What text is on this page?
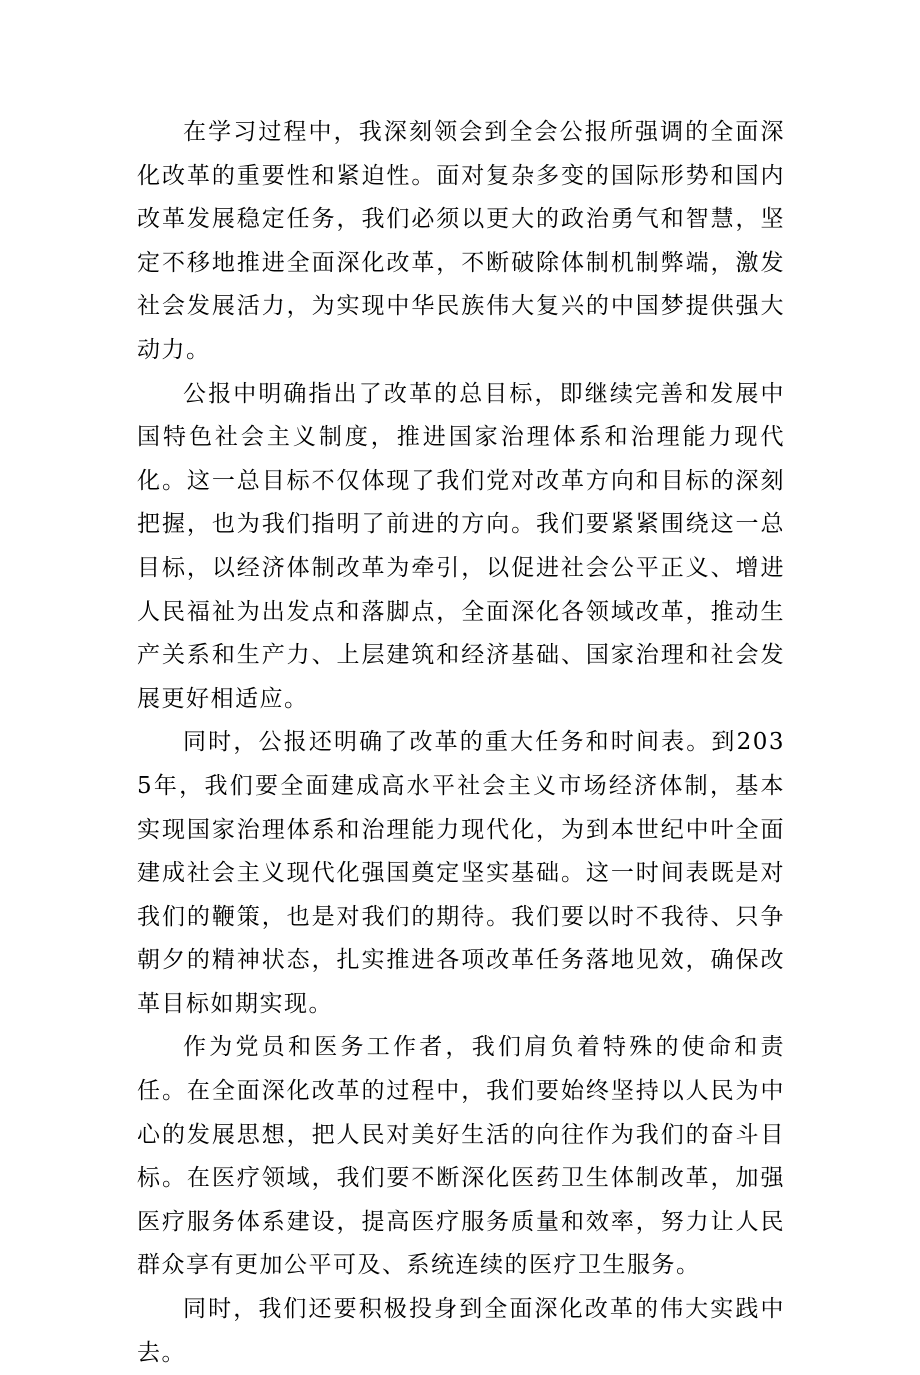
在学习过程中，我深刻领会到全会公报所强调的全面深化改革的重要性和紧迫性。面对复杂多变的国际形势和国内改革发展稳定任务，我们必须以更大的政治勇气和智慧，坚定不移地推进全面深化改革，不断破除体制机制弊端，激发社会发展活力，为实现中华民族伟大复兴的中国梦提供强大动力。

公报中明确指出了改革的总目标，即继续完善和发展中国特色社会主义制度，推进国家治理体系和治理能力现代化。这一总目标不仅体现了我们党对改革方向和目标的深刻把握，也为我们指明了前进的方向。我们要紧紧围绕这一总目标，以经济体制改革为牵引，以促进社会公平正义、增进人民福祉为出发点和落脚点，全面深化各领域改革，推动生产关系和生产力、上层建筑和经济基础、国家治理和社会发展更好相适应。

同时，公报还明确了改革的重大任务和时间表。到2035年，我们要全面建成高水平社会主义市场经济体制，基本实现国家治理体系和治理能力现代化，为到本世纪中叶全面建成社会主义现代化强国奠定坚实基础。这一时间表既是对我们的鞭策，也是对我们的期待。我们要以时不我待、只争朝夕的精神状态，扎实推进各项改革任务落地见效，确保改革目标如期实现。

作为党员和医务工作者，我们肩负着特殊的使命和责任。在全面深化改革的过程中，我们要始终坚持以人民为中心的发展思想，把人民对美好生活的向往作为我们的奋斗目标。在医疗领域，我们要不断深化医药卫生体制改革，加强医疗服务体系建设，提高医疗服务质量和效率，努力让人民群众享有更加公平可及、系统连续的医疗卫生服务。

同时，我们还要积极投身到全面深化改革的伟大实践中去。
